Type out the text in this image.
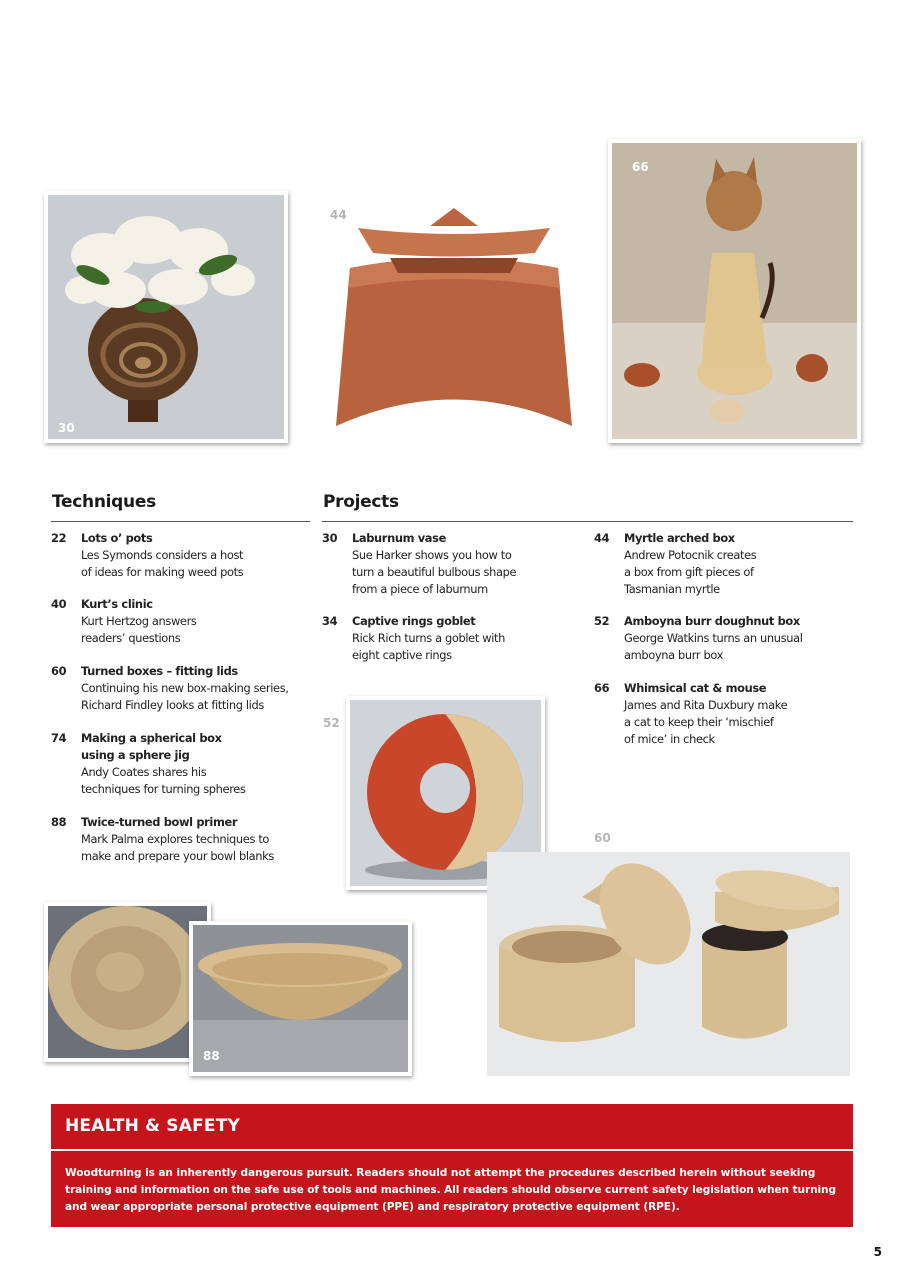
30
44
66
Techniques	Projects
22 Lots o’ pots
Les Symonds considers a host
of ideas for making weed pots
40 Kurt’s clinic
Kurt Hertzog answers
readers’ questions
60 Turned boxes – fitting lids
Continuing his new box-making series,
Richard Findley looks at fitting lids
74 Making a spherical box
using a sphere jig
Andy Coates shares his
techniques for turning spheres
88 Twice-turned bowl primer
Mark Palma explores techniques to
make and prepare your bowl blanks
30 Laburnum vase
Sue Harker shows you how to
turn a beautiful bulbous shape
from a piece of laburnum
34 Captive rings goblet
Rick Rich turns a goblet with
eight captive rings
44 Myrtle arched box
Andrew Potocnik creates
a box from gift pieces of
Tasmanian myrtle
52 Amboyna burr doughnut box
George Watkins turns an unusual
amboyna burr box
66 Whimsical cat & mouse
James and Rita Duxbury make
a cat to keep their ‘mischief
of mice’ in check
52
60
88
HEALTH & SAFETY
Woodturning is an inherently dangerous pursuit. Readers should not attempt the procedures described herein without seeking training and information on the safe use of tools and machines. All readers should observe current safety legislation when turning and wear appropriate personal protective equipment (PPE) and respiratory protective equipment (RPE).
5
